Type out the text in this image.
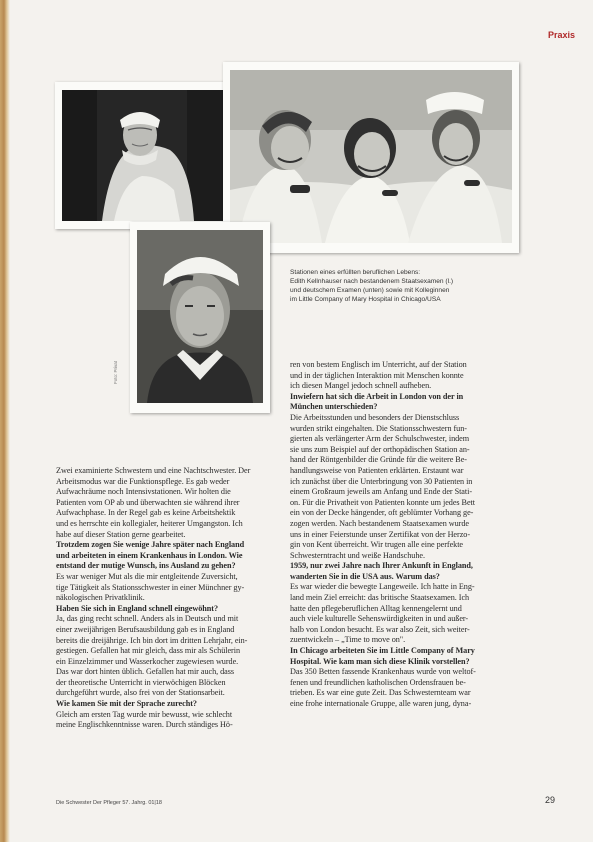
Praxis
Foto: Privat

Stationen eines erfüllten beruflichen Lebens:

Edith Kellnhauser nach bestandenem Staatsexamen (l.)

und deutschem Examen (unten) sowie mit Kolleginnen

im Little Company of Mary Hospital in Chicago/USA

Zwei examinierte Schwestern und eine Nachtschwester. Der

Arbeitsmodus war die Funktionspflege. Es gab weder

Aufwachräume noch Intensivstationen. Wir holten die

Patienten vom OP ab und überwachten sie während ihrer

Aufwachphase. In der Regel gab es keine Arbeitshektik

und es herrschte ein kollegialer, heiterer Umgangston. Ich

habe auf dieser Station gerne gearbeitet.

Trotzdem zogen Sie wenige Jahre später nach England

und arbeiteten in einem Krankenhaus in London. Wie

entstand der mutige Wunsch, ins Ausland zu gehen?

Es war weniger Mut als die mir entgleitende Zuversicht,

tige Tätigkeit als Stationsschwester in einer Münchner gy-

näkologischen Privatklinik.

Haben Sie sich in England schnell eingewöhnt?

Ja, das ging recht schnell. Anders als in Deutsch und mit

einer zweijährigen Berufsausbildung gab es in England

bereits die dreijährige. Ich bin dort im dritten Lehrjahr, ein-

gestiegen. Gefallen hat mir gleich, dass mir als Schülerin

ein Einzelzimmer und Wasserkocher zugewiesen wurde.

Das war dort hinten üblich. Gefallen hat mir auch, dass

der theoretische Unterricht in vierwöchigen Blöcken

durchgeführt wurde, also frei von der Stationsarbeit.

Wie kamen Sie mit der Sprache zurecht?

Gleich am ersten Tag wurde mir bewusst, wie schlecht

meine Englischkenntnisse waren. Durch ständiges Hö-

ren von bestem Englisch im Unterricht, auf der Station

und in der täglichen Interaktion mit Menschen konnte

ich diesen Mangel jedoch schnell aufheben.

Inwiefern hat sich die Arbeit in London von der in

München unterschieden?

Die Arbeitsstunden und besonders der Dienstschluss

wurden strikt eingehalten. Die Stationsschwestern fun-

gierten als verlängerter Arm der Schulschwester, indem

sie uns zum Beispiel auf der orthopädischen Station an-

hand der Röntgenbilder die Gründe für die weitere Be-

handlungsweise von Patienten erklärten. Erstaunt war

ich zunächst über die Unterbringung von 30 Patienten in

einem Großraum jeweils am Anfang und Ende der Stati-

on. Für die Privatheit von Patienten konnte um jedes Bett

ein von der Decke hängender, oft geblümter Vorhang ge-

zogen werden. Nach bestandenem Staatsexamen wurde

uns in einer Feierstunde unser Zertifikat von der Herzo-

gin von Kent überreicht. Wir trugen alle eine perfekte

Schwesterntracht und weiße Handschuhe.

1959, nur zwei Jahre nach Ihrer Ankunft in England,

wanderten Sie in die USA aus. Warum das?

Es war wieder die bewegte Langeweile. Ich hatte in Eng-

land mein Ziel erreicht: das britische Staatsexamen. Ich

hatte den pflegeberuflichen Alltag kennengelernt und

auch viele kulturelle Sehenswürdigkeiten in und außer-

halb von London besucht. Es war also Zeit, sich weiter-

zuentwickeln – „Time to move on".

In Chicago arbeiteten Sie im Little Company of Mary

Hospital. Wie kam man sich diese Klinik vorstellen?

Das 350 Betten fassende Krankenhaus wurde von weltof-

fenen und freundlichen katholischen Ordensfrauen be-

trieben. Es war eine gute Zeit. Das Schwesternteam war

eine frohe internationale Gruppe, alle waren jung, dyna-

Die Schwester Der Pfleger 57. Jahrg. 01|18	29
